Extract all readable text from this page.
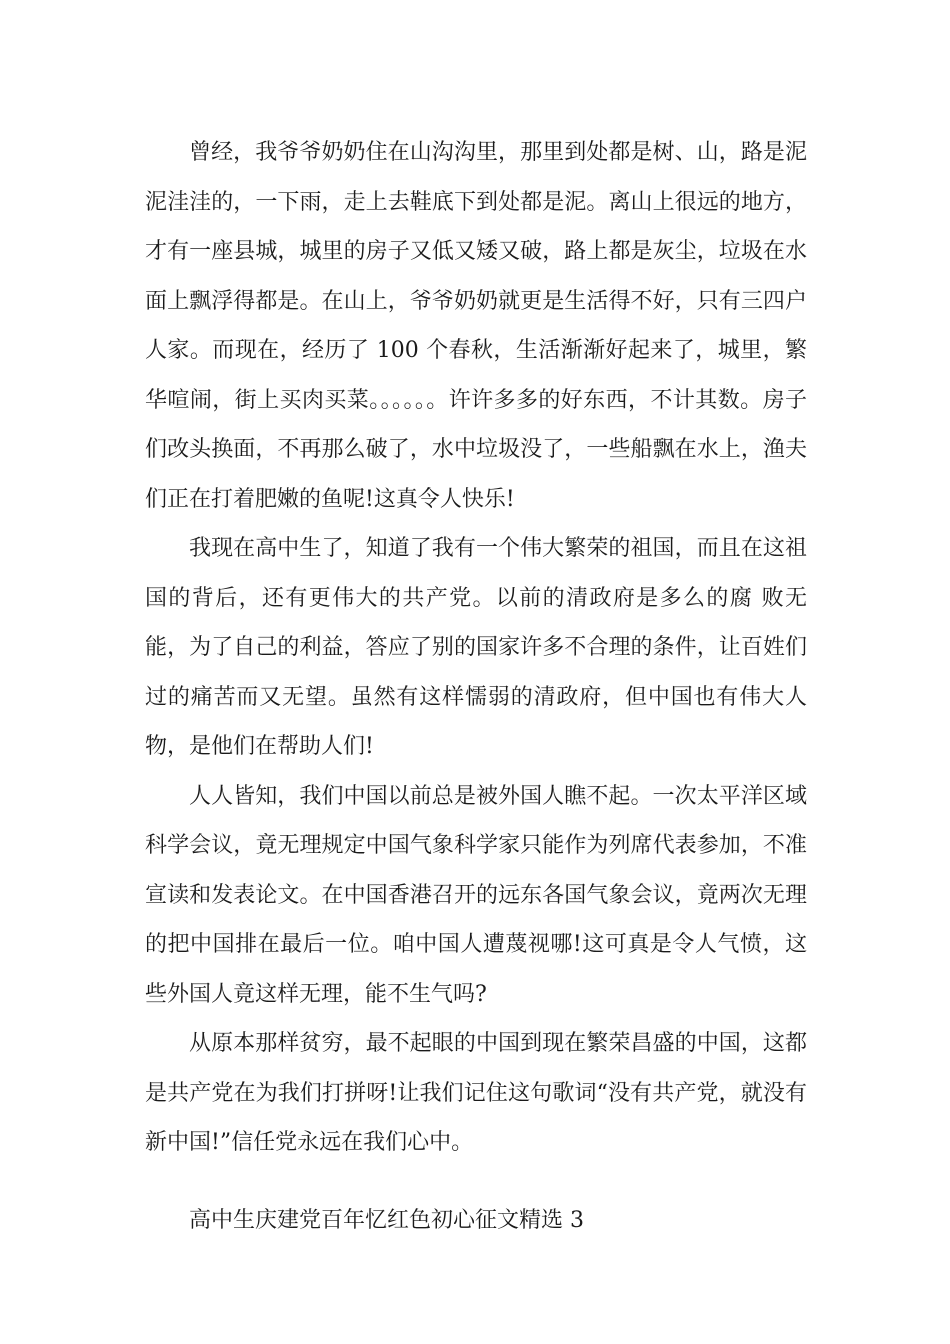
曾经，我爷爷奶奶住在山沟沟里，那里到处都是树、山，路是泥泥洼洼的，一下雨，走上去鞋底下到处都是泥。离山上很远的地方，才有一座县城，城里的房子又低又矮又破，路上都是灰尘，垃圾在水面上飘浮得都是。在山上，爷爷奶奶就更是生活得不好，只有三四户人家。而现在，经历了 100 个春秋，生活渐渐好起来了，城里，繁华喧闹，街上买肉买菜。。。。。。许许多多的好东西，不计其数。房子们改头换面，不再那么破了，水中垃圾没了，一些船飘在水上，渔夫们正在打着肥嫩的鱼呢!这真令人快乐!

我现在高中生了，知道了我有一个伟大繁荣的祖国，而且在这祖国的背后，还有更伟大的共产党。以前的清政府是多么的腐 败无能，为了自己的利益，答应了别的国家许多不合理的条件，让百姓们过的痛苦而又无望。虽然有这样懦弱的清政府，但中国也有伟大人物，是他们在帮助人们!

人人皆知，我们中国以前总是被外国人瞧不起。一次太平洋区域科学会议，竟无理规定中国气象科学家只能作为列席代表参加，不准宣读和发表论文。在中国香港召开的远东各国气象会议，竟两次无理的把中国排在最后一位。咱中国人遭蔑视哪!这可真是令人气愤，这些外国人竟这样无理，能不生气吗?

从原本那样贫穷，最不起眼的中国到现在繁荣昌盛的中国，这都是共产党在为我们打拼呀!让我们记住这句歌词“没有共产党，就没有新中国!”信任党永远在我们心中。

高中生庆建党百年忆红色初心征文精选 3
